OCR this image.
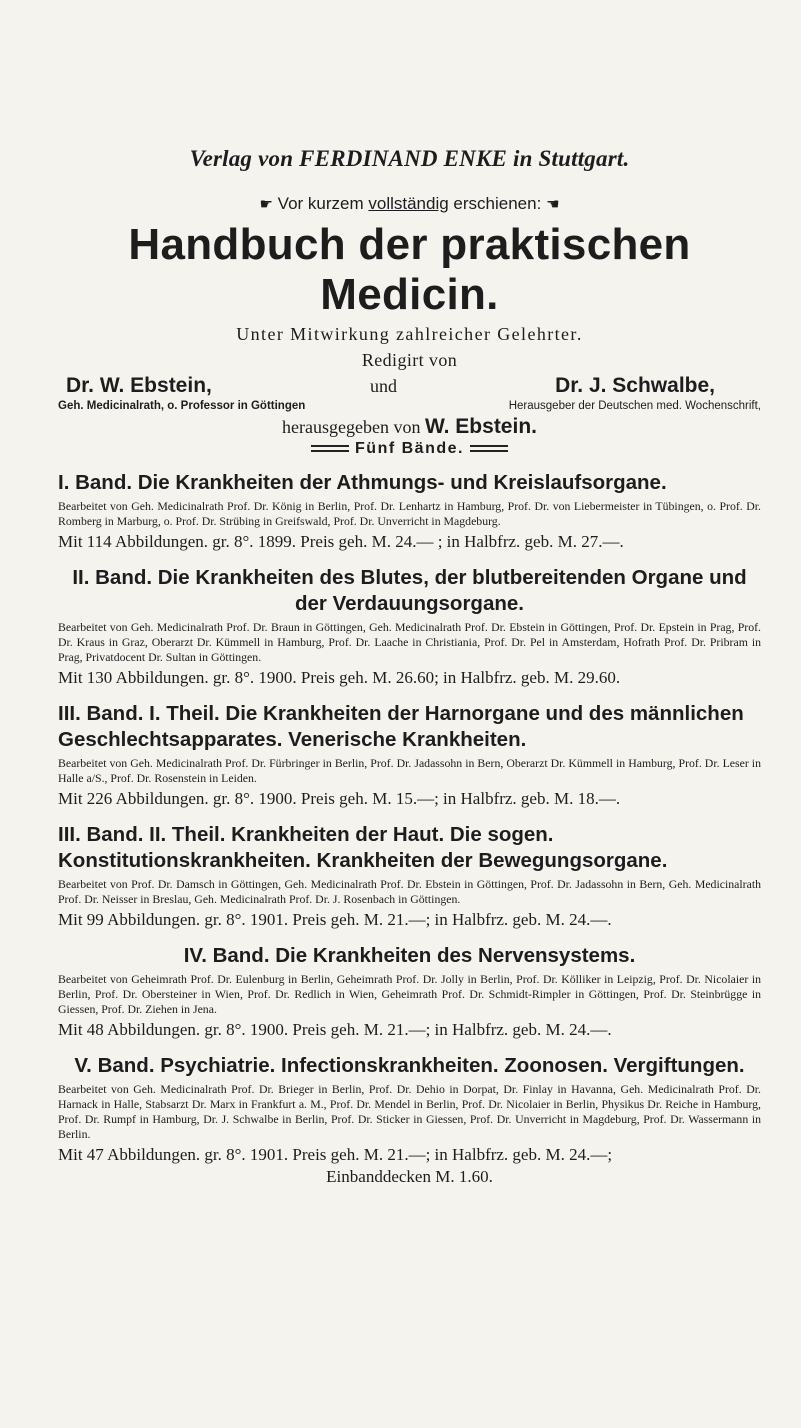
Verlag von FERDINAND ENKE in Stuttgart.
☛ Vor kurzem vollständig erschienen: ☚
Handbuch der praktischen Medicin.
Unter Mitwirkung zahlreicher Gelehrter.
Redigirt von
Dr. W. Ebstein,	und	Dr. J. Schwalbe,
Geh. Medicinalrath, o. Professor in Göttingen	Herausgeber der Deutschen med. Wochenschrift,
herausgegeben von W. Ebstein.
Fünf Bände.
I. Band. Die Krankheiten der Athmungs- und Kreislaufsorgane.
Bearbeitet von Geh. Medicinalrath Prof. Dr. König in Berlin, Prof. Dr. Lenhartz in Hamburg, Prof. Dr. von Liebermeister in Tübingen, o. Prof. Dr. Romberg in Marburg, o. Prof. Dr. Strübing in Greifswald, Prof. Dr. Unverricht in Magdeburg.
Mit 114 Abbildungen. gr. 8°. 1899. Preis geh. M. 24.— ; in Halbfrz. geb. M. 27.—.
II. Band. Die Krankheiten des Blutes, der blutbereitenden Organe und der Verdauungsorgane.
Bearbeitet von Geh. Medicinalrath Prof. Dr. Braun in Göttingen, Geh. Medicinalrath Prof. Dr. Ebstein in Göttingen, Prof. Dr. Epstein in Prag, Prof. Dr. Kraus in Graz, Oberarzt Dr. Kümmell in Hamburg, Prof. Dr. Laache in Christiania, Prof. Dr. Pel in Amsterdam, Hofrath Prof. Dr. Pribram in Prag, Privatdocent Dr. Sultan in Göttingen.
Mit 130 Abbildungen. gr. 8°. 1900. Preis geh. M. 26.60; in Halbfrz. geb. M. 29.60.
III. Band. I. Theil. Die Krankheiten der Harnorgane und des männlichen Geschlechtsapparates. Venerische Krankheiten.
Bearbeitet von Geh. Medicinalrath Prof. Dr. Fürbringer in Berlin, Prof. Dr. Jadassohn in Bern, Oberarzt Dr. Kümmell in Hamburg, Prof. Dr. Leser in Halle a/S., Prof. Dr. Rosenstein in Leiden.
Mit 226 Abbildungen. gr. 8°. 1900. Preis geh. M. 15.—; in Halbfrz. geb. M. 18.—.
III. Band. II. Theil. Krankheiten der Haut. Die sogen. Konstitutionskrankheiten. Krankheiten der Bewegungsorgane.
Bearbeitet von Prof. Dr. Damsch in Göttingen, Geh. Medicinalrath Prof. Dr. Ebstein in Göttingen, Prof. Dr. Jadassohn in Bern, Geh. Medicinalrath Prof. Dr. Neisser in Breslau, Geh. Medicinalrath Prof. Dr. J. Rosenbach in Göttingen.
Mit 99 Abbildungen. gr. 8°. 1901. Preis geh. M. 21.—; in Halbfrz. geb. M. 24.—.
IV. Band. Die Krankheiten des Nervensystems.
Bearbeitet von Geheimrath Prof. Dr. Eulenburg in Berlin, Geheimrath Prof. Dr. Jolly in Berlin, Prof. Dr. Kölliker in Leipzig, Prof. Dr. Nicolaier in Berlin, Prof. Dr. Obersteiner in Wien, Prof. Dr. Redlich in Wien, Geheimrath Prof. Dr. Schmidt-Rimpler in Göttingen, Prof. Dr. Steinbrügge in Giessen, Prof. Dr. Ziehen in Jena.
Mit 48 Abbildungen. gr. 8°. 1900. Preis geh. M. 21.—; in Halbfrz. geb. M. 24.—.
V. Band. Psychiatrie. Infectionskrankheiten. Zoonosen. Vergiftungen.
Bearbeitet von Geh. Medicinalrath Prof. Dr. Brieger in Berlin, Prof. Dr. Dehio in Dorpat, Dr. Finlay in Havanna, Geh. Medicinalrath Prof. Dr. Harnack in Halle, Stabsarzt Dr. Marx in Frankfurt a. M., Prof. Dr. Mendel in Berlin, Prof. Dr. Nicolaier in Berlin, Physikus Dr. Reiche in Hamburg, Prof. Dr. Rumpf in Hamburg, Dr. J. Schwalbe in Berlin, Prof. Dr. Sticker in Giessen, Prof. Dr. Unverricht in Magdeburg, Prof. Dr. Wassermann in Berlin.
Mit 47 Abbildungen. gr. 8°. 1901. Preis geh. M. 21.—; in Halbfrz. geb. M. 24.—;
Einbanddecken M. 1.60.
